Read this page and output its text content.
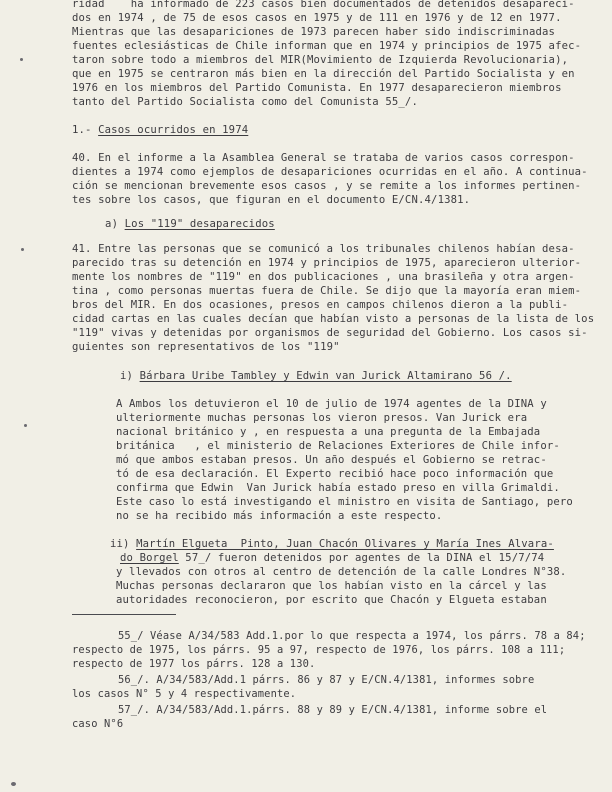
ridad    ha informado de 223 casos bien documentados de detenidos desapareci-
dos en 1974 , de 75 de esos casos en 1975 y de 111 en 1976 y de 12 en 1977.
Mientras que las desapariciones de 1973 parecen haber sido indiscriminadas
fuentes eclesiásticas de Chile informan que en 1974 y principios de 1975 afec-
taron sobre todo a miembros del MIR(Movimiento de Izquierda Revolucionaria),
que en 1975 se centraron más bien en la dirección del Partido Socialista y en
1976 en los miembros del Partido Comunista. En 1977 desaparecieron miembros
tanto del Partido Socialista como del Comunista 55_/.
1.- Casos ocurridos en 1974
40. En el informe a la Asamblea General se trataba de varios casos correspon-
dientes a 1974 como ejemplos de desapariciones ocurridas en el año. A continua-
ción se mencionan brevemente esos casos , y se remite a los informes pertinen-
tes sobre los casos, que figuran en el documento E/CN.4/1381.
a) Los "119" desaparecidos
41. Entre las personas que se comunicó a los tribunales chilenos habían desa-
parecido tras su detención en 1974 y principios de 1975, aparecieron ulterior-
mente los nombres de "119" en dos publicaciones , una brasileña y otra argen-
tina , como personas muertas fuera de Chile. Se dijo que la mayoría eran miem-
bros del MIR. En dos ocasiones, presos en campos chilenos dieron a la publi-
cidad cartas en las cuales decían que habían visto a personas de la lista de los
"119" vivas y detenidas por organismos de seguridad del Gobierno. Los casos si-
guientes son representativos de los "119"
i) Bárbara Uribe Tambley y Edwin van Jurick Altamirano 56_/.
A Ambos los detuvieron el 10 de julio de 1974 agentes de la DINA y
ulteriormente muchas personas los vieron presos. Van Jurick era
nacional británico y , en respuesta a una pregunta de la Embajada
británica   , el ministerio de Relaciones Exteriores de Chile infor-
mó que ambos estaban presos. Un año después el Gobierno se retrac-
tó de esa declaración. El Experto recibió hace poco información que
confirma que Edwin  Van Jurick había estado preso en villa Grimaldi.
Este caso lo está investigando el ministro en visita de Santiago, pero
no se ha recibido más información a este respecto.
ii) Martín Elgueta  Pinto, Juan Chacón Olivares y María Ines Alvara-
do Borgel 57_/ fueron detenidos por agentes de la DINA el 15/7/74
y llevados con otros al centro de detención de la calle Londres N°38.
Muchas personas declararon que los habían visto en la cárcel y las
autoridades reconocieron, por escrito que Chacón y Elgueta estaban
55_/ Véase A/34/583 Add.1.por lo que respecta a 1974, los párrs. 78 a 84;
respecto de 1975, los párrs. 95 a 97, respecto de 1976, los párrs. 108 a 111;
respecto de 1977 los párrs. 128 a 130.
56_/. A/34/583/Add.1 párrs. 86 y 87 y E/CN.4/1381, informes sobre
los casos N° 5 y 4 respectivamente.
57_/. A/34/583/Add.1.párrs. 88 y 89 y E/CN.4/1381, informe sobre el
caso N°6
